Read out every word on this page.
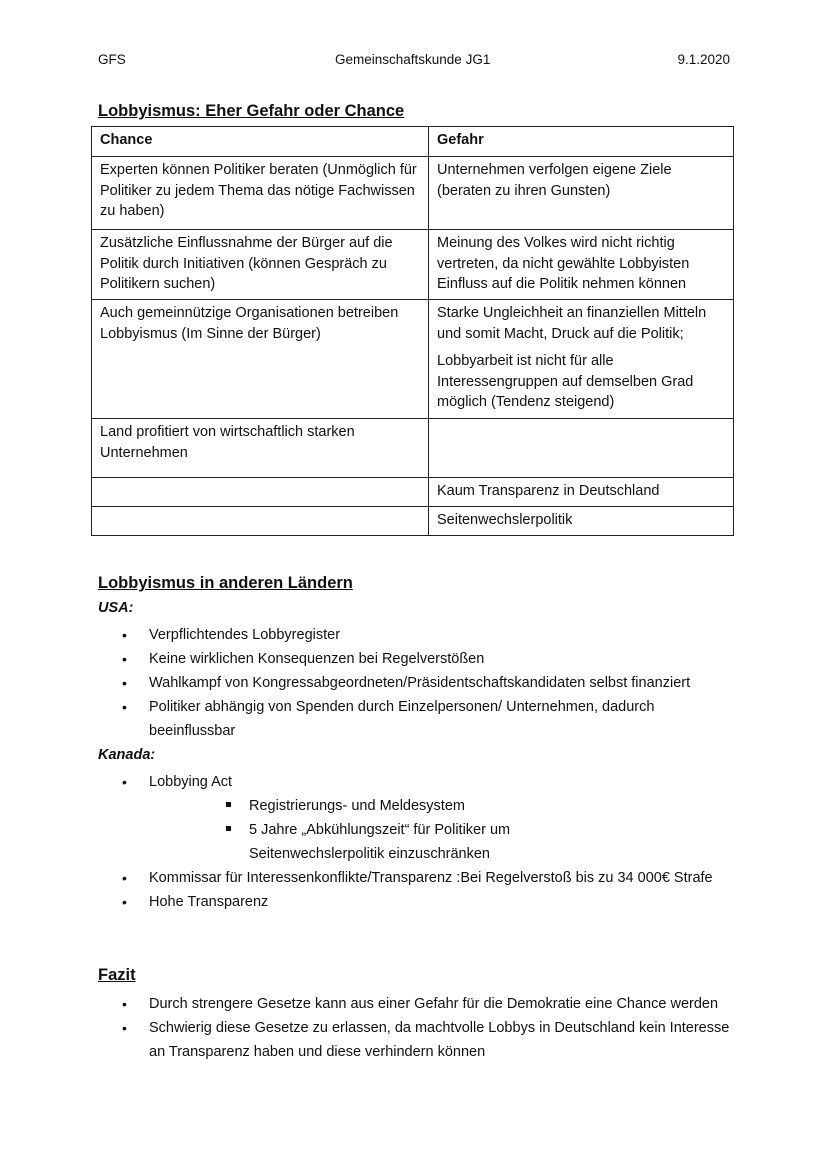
GFS	Gemeinschaftskunde JG1	9.1.2020
Lobbyismus: Eher Gefahr oder Chance
Chance	Gefahr
Experten können Politiker beraten (Unmöglich für Politiker zu jedem Thema das nötige Fachwissen zu haben)	Unternehmen verfolgen eigene Ziele (beraten zu ihren Gunsten)
Zusätzliche Einflussnahme der Bürger auf die Politik durch Initiativen (können Gespräch zu Politikern suchen)	Meinung des Volkes wird nicht richtig vertreten, da nicht gewählte Lobbyisten Einfluss auf die Politik nehmen können
Auch gemeinnützige Organisationen betreiben Lobbyismus (Im Sinne der Bürger)	Starke Ungleichheit an finanziellen Mitteln und somit Macht, Druck auf die Politik;
Lobbyarbeit ist nicht für alle Interessengruppen auf demselben Grad möglich (Tendenz steigend)

Land profitiert von wirtschaftlich starken Unternehmen	
	Kaum Transparenz in Deutschland
	Seitenwechslerpolitik
Lobbyismus in anderen Ländern
USA:
• Verpflichtendes Lobbyregister
• Keine wirklichen Konsequenzen bei Regelverstößen
• Wahlkampf von Kongressabgeordneten/Präsidentschaftskandidaten selbst finanziert
• Politiker abhängig von Spenden durch Einzelpersonen/ Unternehmen, dadurch beeinflussbar
Kanada:
• Lobbying Act
Registrierungs- und Meldesystem
5 Jahre „Abkühlungszeit“ für Politiker um Seitenwechslerpolitik einzuschränken
• Kommissar für Interessenkonflikte/Transparenz :Bei Regelverstoß bis zu 34 000€ Strafe
• Hohe Transparenz
Fazit
• Durch strengere Gesetze kann aus einer Gefahr für die Demokratie eine Chance werden
• Schwierig diese Gesetze zu erlassen, da machtvolle Lobbys in Deutschland kein Interesse an Transparenz haben und diese verhindern können
